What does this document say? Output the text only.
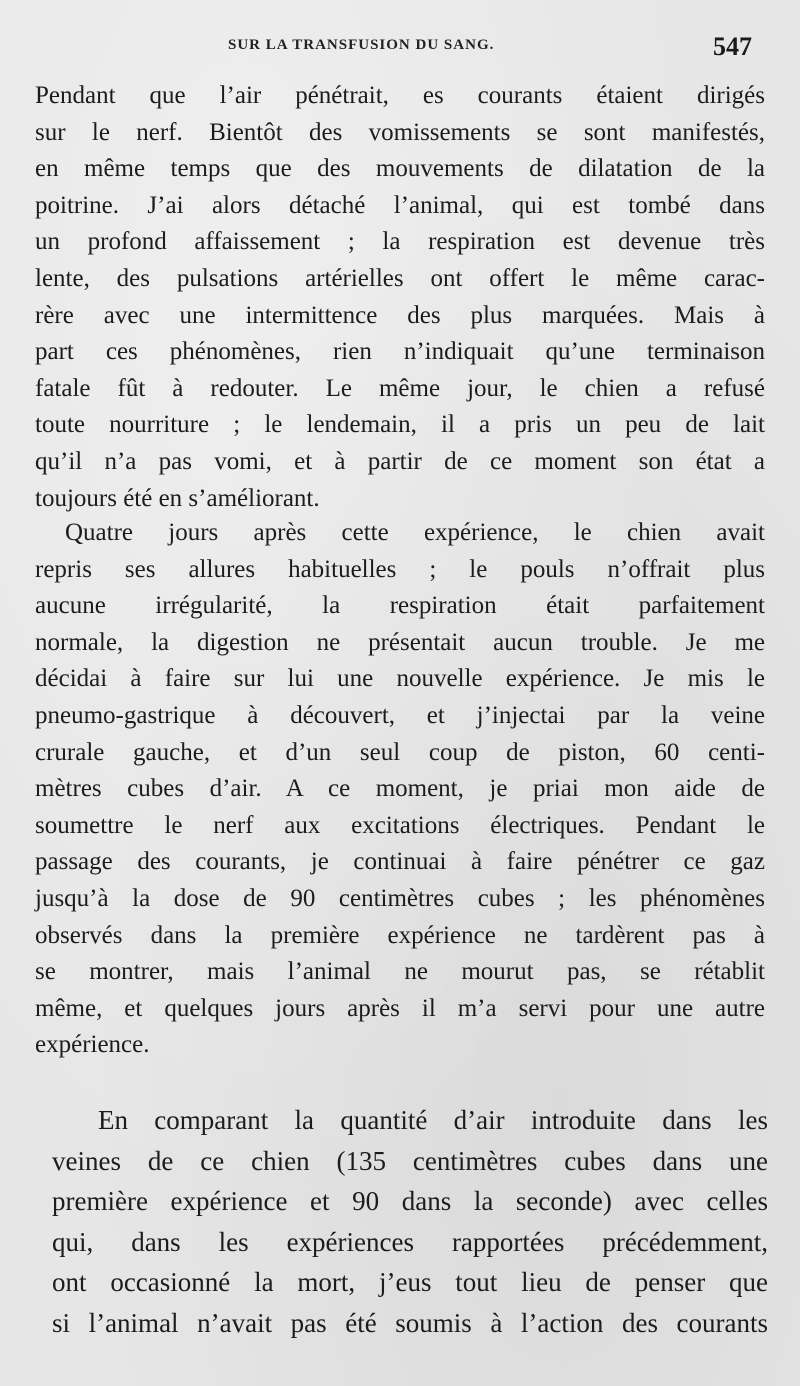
SUR LA TRANSFUSION DU SANG.	547
Pendant que l’air pénétrait, es courants étaient dirigés
sur le nerf. Bientôt des vomissements se sont manifestés,
en même temps que des mouvements de dilatation de la
poitrine. J’ai alors détaché l’animal, qui est tombé dans
un profond affaissement ; la respiration est devenue très
lente, des pulsations artérielles ont offert le même carac-
rère avec une intermittence des plus marquées. Mais à
part ces phénomènes, rien n’indiquait qu’une terminaison
fatale fût à redouter. Le même jour, le chien a refusé
toute nourriture ; le lendemain, il a pris un peu de lait
qu’il n’a pas vomi, et à partir de ce moment son état a
toujours été en s’améliorant.
Quatre jours après cette expérience, le chien avait
repris ses allures habituelles ; le pouls n’offrait plus
aucune irrégularité, la respiration était parfaitement
normale, la digestion ne présentait aucun trouble. Je me
décidai à faire sur lui une nouvelle expérience. Je mis le
pneumo-gastrique à découvert, et j’injectai par la veine
crurale gauche, et d’un seul coup de piston, 60 centi-
mètres cubes d’air. A ce moment, je priai mon aide de
soumettre le nerf aux excitations électriques. Pendant le
passage des courants, je continuai à faire pénétrer ce gaz
jusqu’à la dose de 90 centimètres cubes ; les phénomènes
observés dans la première expérience ne tardèrent pas à
se montrer, mais l’animal ne mourut pas, se rétablit
même, et quelques jours après il m’a servi pour une autre
expérience.
En comparant la quantité d’air introduite dans les
veines de ce chien (135 centimètres cubes dans une
première expérience et 90 dans la seconde) avec celles
qui, dans les expériences rapportées précédemment,
ont occasionné la mort, j’eus tout lieu de penser que
si l’animal n’avait pas été soumis à l’action des courants
